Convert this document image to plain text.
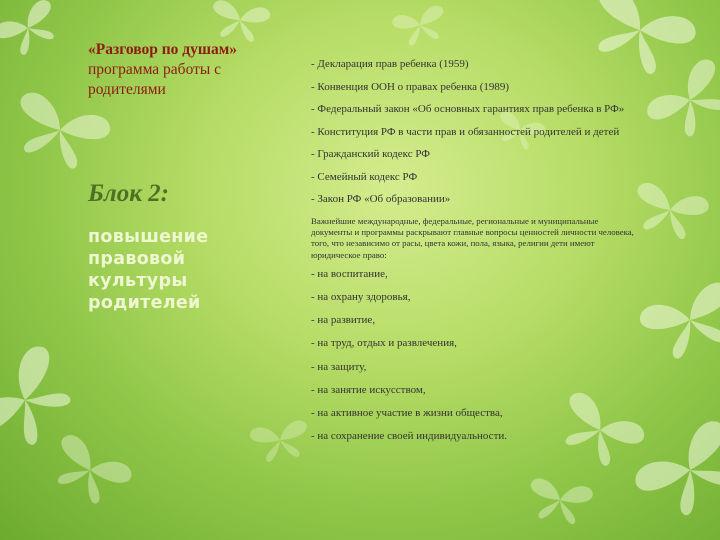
«Разговор по душам»
программа работы с родителями
Блок 2:
повышение правовой культуры родителей
- Декларация прав ребенка (1959)
- Конвенция ООН о правах ребенка (1989)
- Федеральный закон «Об основных гарантиях прав ребенка в РФ»
- Конституция РФ в части прав и обязанностей родителей и детей
- Гражданский кодекс РФ
- Семейный кодекс РФ
- Закон РФ «Об образовании»
Важнейшие международные, федеральные, региональные и муниципальные документы и программы раскрывают главные вопросы ценностей личности человека, того, что независимо от расы, цвета кожи, пола, языка, религии дети имеют юридическое право:
- на воспитание,
- на охрану здоровья,
- на развитие,
- на труд, отдых и развлечения,
- на защиту,
- на занятие искусством,
- на активное участие в жизни общества,
- на сохранение своей индивидуальности.
